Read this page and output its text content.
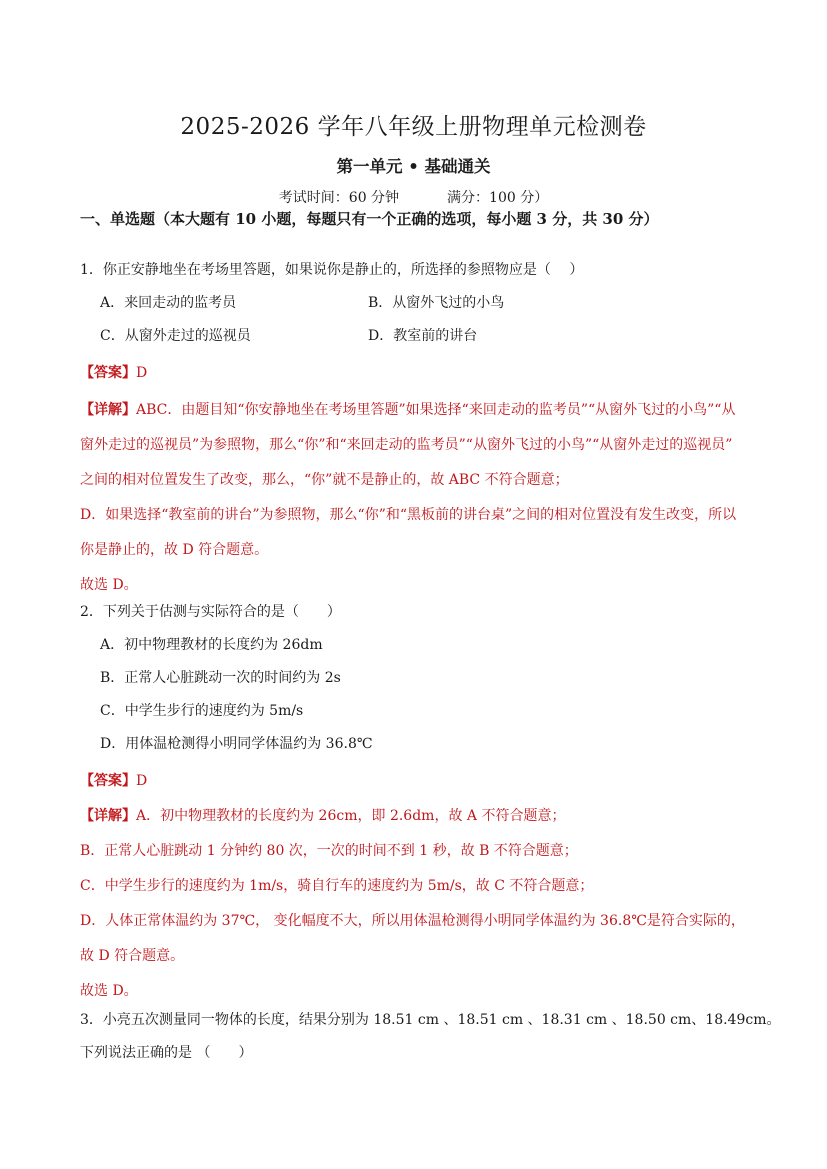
2025-2026 学年八年级上册物理单元检测卷
第一单元 • 基础通关
考试时间：60 分钟	满分：100 分）
一、单选题（本大题有 10 小题，每题只有一个正确的选项，每小题 3 分，共 30 分）
1．你正安静地坐在考场里答题，如果说你是静止的，所选择的参照物应是（　 ）
A．来回走动的监考员	B．从窗外飞过的小鸟
C．从窗外走过的巡视员	D．教室前的讲台
【答案】D
【详解】ABC．由题目知“你安静地坐在考场里答题”如果选择“来回走动的监考员”“从窗外飞过的小鸟”“从
窗外走过的巡视员”为参照物，那么“你”和“来回走动的监考员”“从窗外飞过的小鸟”“从窗外走过的巡视员”
之间的相对位置发生了改变，那么，“你”就不是静止的，故 ABC 不符合题意；
D．如果选择“教室前的讲台”为参照物，那么“你”和“黑板前的讲台桌”之间的相对位置没有发生改变，所以
你是静止的，故 D 符合题意。
故选 D。
2．下列关于估测与实际符合的是（　　）
A．初中物理教材的长度约为 26dm
B．正常人心脏跳动一次的时间约为 2s
C．中学生步行的速度约为 5m/s
D．用体温枪测得小明同学体温约为 36.8℃
【答案】D
【详解】A．初中物理教材的长度约为 26cm，即 2.6dm，故 A 不符合题意；
B．正常人心脏跳动 1 分钟约 80 次，一次的时间不到 1 秒，故 B 不符合题意；
C．中学生步行的速度约为 1m/s，骑自行车的速度约为 5m/s，故 C 不符合题意；
D．人体正常体温约为 37℃， 变化幅度不大，所以用体温枪测得小明同学体温约为 36.8℃是符合实际的，
故 D 符合题意。
故选 D。
3．小亮五次测量同一物体的长度，结果分别为 18.51 cm 、18.51 cm 、18.31 cm 、18.50 cm、18.49cm。
下列说法正确的是 （　　）
